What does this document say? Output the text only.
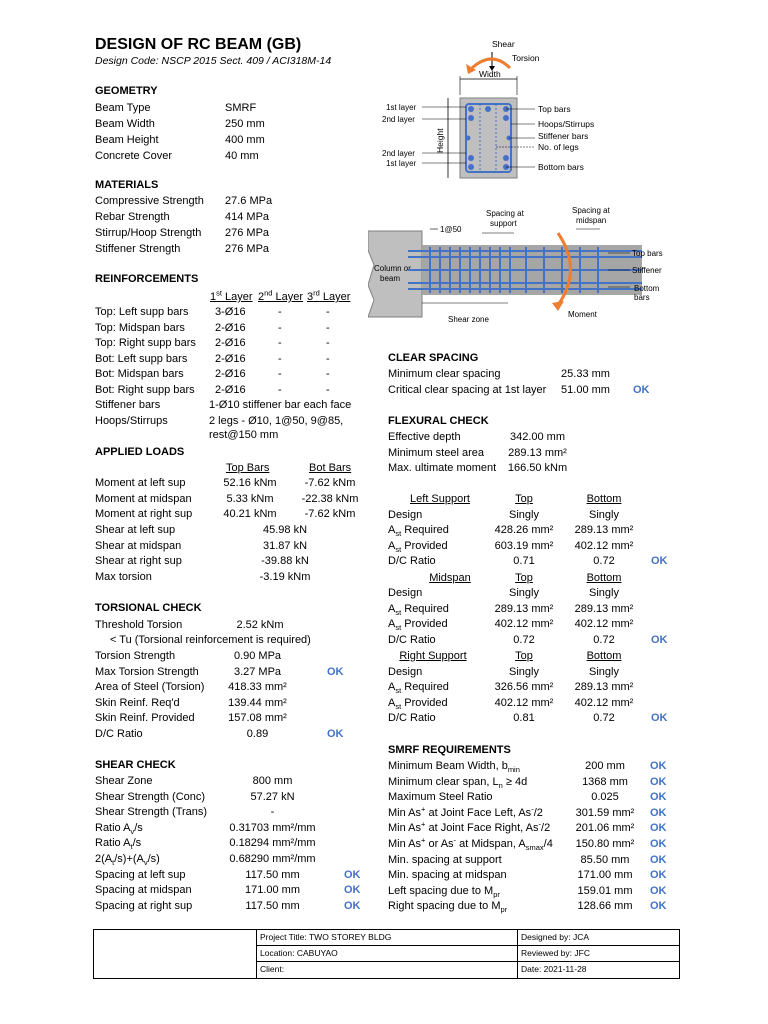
DESIGN OF RC BEAM (GB)
Design Code: NSCP 2015 Sect. 409 / ACI318M-14
GEOMETRY
Beam Type	SMRF
Beam Width	250 mm
Beam Height	400 mm
Concrete Cover	40 mm
MATERIALS
Compressive Strength 27.6 MPa
Rebar Strength	414 MPa
Stirrup/Hoop Strength 276 MPa
Stiffener Strength	276 MPa
REINFORCEMENTS
1st Layer 2nd Layer 3rd Layer
Top: Left supp bars 3-Ø16	-	-
Top: Midspan bars	2-Ø16	-	-
Top: Right supp bars 2-Ø16	-	-
Bot: Left supp bars	2-Ø16	-	-
Bot: Midspan bars	2-Ø16	-	-
Bot: Right supp bars 2-Ø16	-	-
Stiffener bars	1-Ø10 stiffener bar each face
Hoops/Stirrups	2 legs - Ø10, 1@50, 9@85,
rest@150 mm
APPLIED LOADS
Top Bars	Bot Bars
Moment at left sup	52.16 kNm	-7.62 kNm
Moment at midspan	5.33 kNm	-22.38 kNm
Moment at right sup	40.21 kNm	-7.62 kNm
Shear at left sup	45.98 kN
Shear at midspan	31.87 kN
Shear at right sup	-39.88 kN
Max torsion	-3.19 kNm
TORSIONAL CHECK
Threshold Torsion	2.52 kNm
< Tu (Torsional reinforcement is required)
Torsion Strength	0.90 MPa
Max Torsion Strength	3.27 MPa	OK
Area of Steel (Torsion)	418.33 mm²
Skin Reinf. Req'd	139.44 mm²
Skin Reinf. Provided	157.08 mm²
D/C Ratio	0.89	OK
SHEAR CHECK
Shear Zone	800 mm
Shear Strength (Conc)	57.27 kN
Shear Strength (Trans)	-
Ratio $A_v/s$	0.31703 mm²/mm
Ratio $A_t/s$	0.18294 mm²/mm
$2(A_t/s)+(A_v/s)$	0.68290 mm²/mm
Spacing at left sup	117.50 mm	OK
Spacing at midspan	171.00 mm	OK
Spacing at right sup	117.50 mm	OK
Shear
Torsion
Width
Height
1st layer
2nd layer
2nd layer
1st layer
Top bars
Hoops/Stirrups
Stiffener bars
No. of legs
Bottom bars
Spacing at
support
Spacing at
midspan
1@50
Column or
beam
Moment
Top bars
Stiffener
Bottom
bars
Shear zone
CLEAR SPACING
Minimum clear spacing	25.33 mm
Critical clear spacing at 1st layer	51.00 mm	OK
FLEXURAL CHECK
Effective depth	342.00 mm
Minimum steel area	289.13 mm²
Max. ultimate moment	166.50 kNm
Left Support	Top	Bottom
Design	Singly	Singly
$A_{st}$ Required	428.26 mm²	289.13 mm²
$A_{st}$ Provided	603.19 mm²	402.12 mm²
D/C Ratio	0.71	0.72	OK
Midspan	Top	Bottom
Design	Singly	Singly
$A_{st}$ Required	289.13 mm²	289.13 mm²
$A_{st}$ Provided	402.12 mm²	402.12 mm²
D/C Ratio	0.72	0.72	OK
Right Support	Top	Bottom
Design	Singly	Singly
$A_{st}$ Required	326.56 mm²	289.13 mm²
$A_{st}$ Provided	402.12 mm²	402.12 mm²
D/C Ratio	0.81	0.72	OK
SMRF REQUIREMENTS
Minimum Beam Width, $b_{min}$	200 mm	OK
Minimum clear span, $L_n \ge 4d$	1368 mm	OK
Maximum Steel Ratio	0.025	OK
Min As+ at Joint Face Left, As-/2	301.59 mm²	OK
Min As+ at Joint Face Right, As-/2	201.06 mm²	OK
Min As+ or As- at Midspan, $A_{smax}/4$	150.80 mm²	OK
Min. spacing at support	85.50 mm	OK
Min. spacing at midspan	171.00 mm	OK
Left spacing due to $M_{pr}$	159.01 mm	OK
Right spacing due to $M_{pr}$	128.66 mm	OK
Project Title: TWO STOREY BLDG
Location: CABUYAO
Client:
Designed by: JCA
Reviewed by: JFC
Date: 2021-11-28
